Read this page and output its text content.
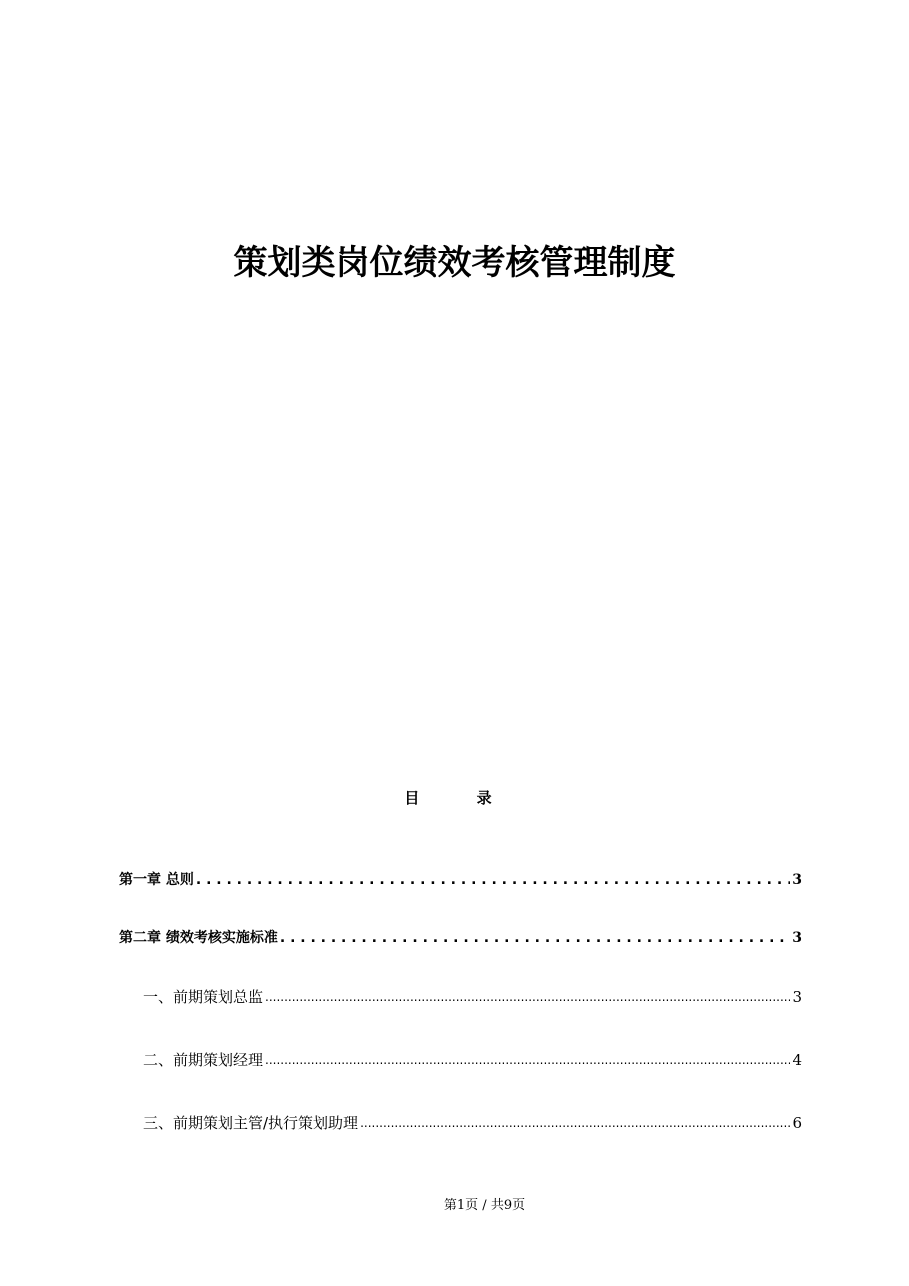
策划类岗位绩效考核管理制度
目 录
第一章 总则 . . .	3
第二章 绩效考核实施标准 . . .	3
一、前期策划总监 .....	3
二、前期策划经理 .....	4
三、前期策划主管/执行策划助理 .....	6
第1页 / 共9页
